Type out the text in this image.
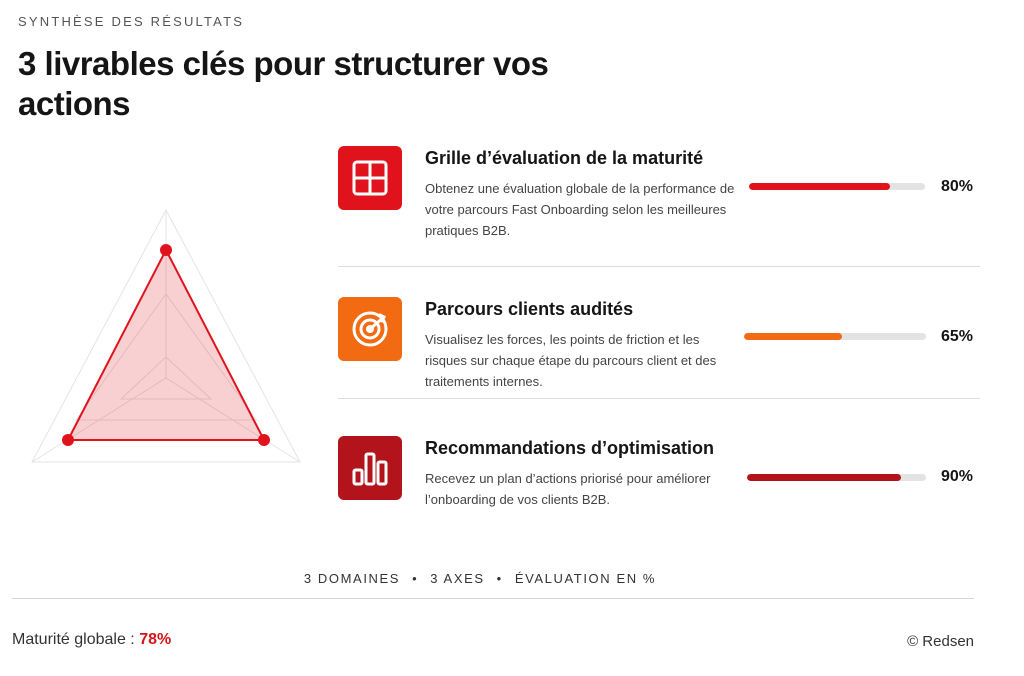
SYNTHÈSE DES RÉSULTATS
3 livrables clés pour structurer vos actions
Grille d’évaluation de la maturité
Obtenez une évaluation globale de la performance de votre parcours Fast Onboarding selon les meilleures pratiques B2B.
80%
Parcours clients audités
Visualisez les forces, les points de friction et les risques sur chaque étape du parcours client et des traitements internes.
65%
Recommandations d’optimisation
Recevez un plan d’actions priorisé pour améliorer l’onboarding de vos clients B2B.
90%
3 DOMAINES • 3 AXES • ÉVALUATION EN %
Maturité globale : 78%	© Redsen
